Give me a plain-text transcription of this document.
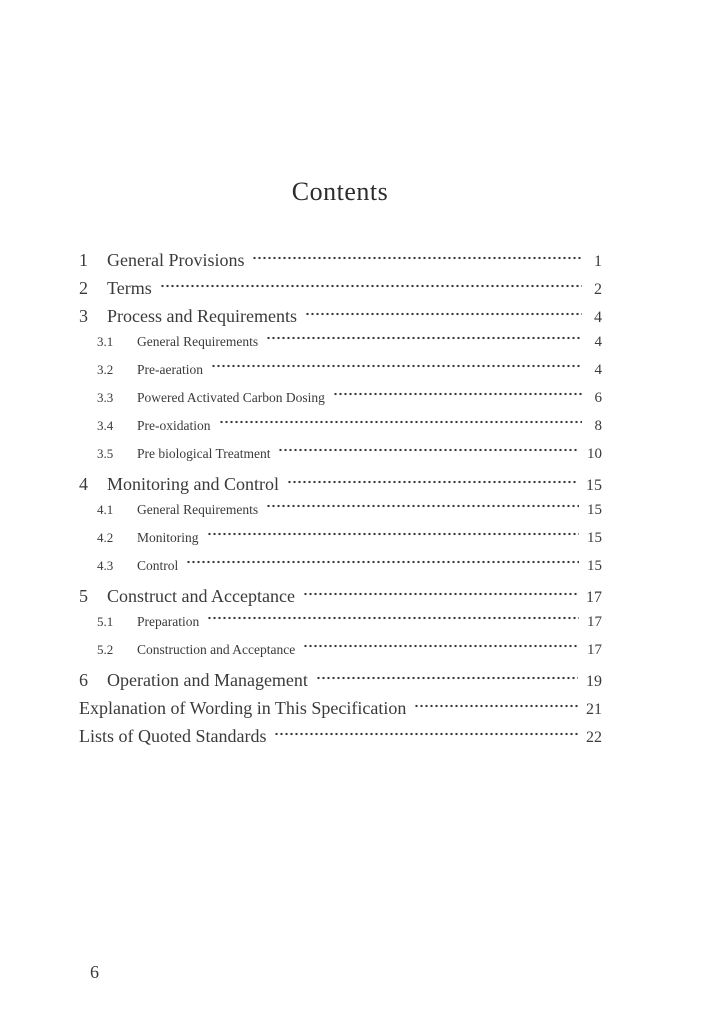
Contents
1	General Provisions	1
2	Terms	2
3	Process and Requirements	4
3.1	General Requirements	4
3.2	Pre-aeration	4
3.3	Powered Activated Carbon Dosing	6
3.4	Pre-oxidation	8
3.5	Pre biological Treatment	10
4	Monitoring and Control	15
4.1	General Requirements	15
4.2	Monitoring	15
4.3	Control	15
5	Construct and Acceptance	17
5.1	Preparation	17
5.2	Construction and Acceptance	17
6	Operation and Management	19
Explanation of Wording in This Specification	21
Lists of Quoted Standards	22
6
